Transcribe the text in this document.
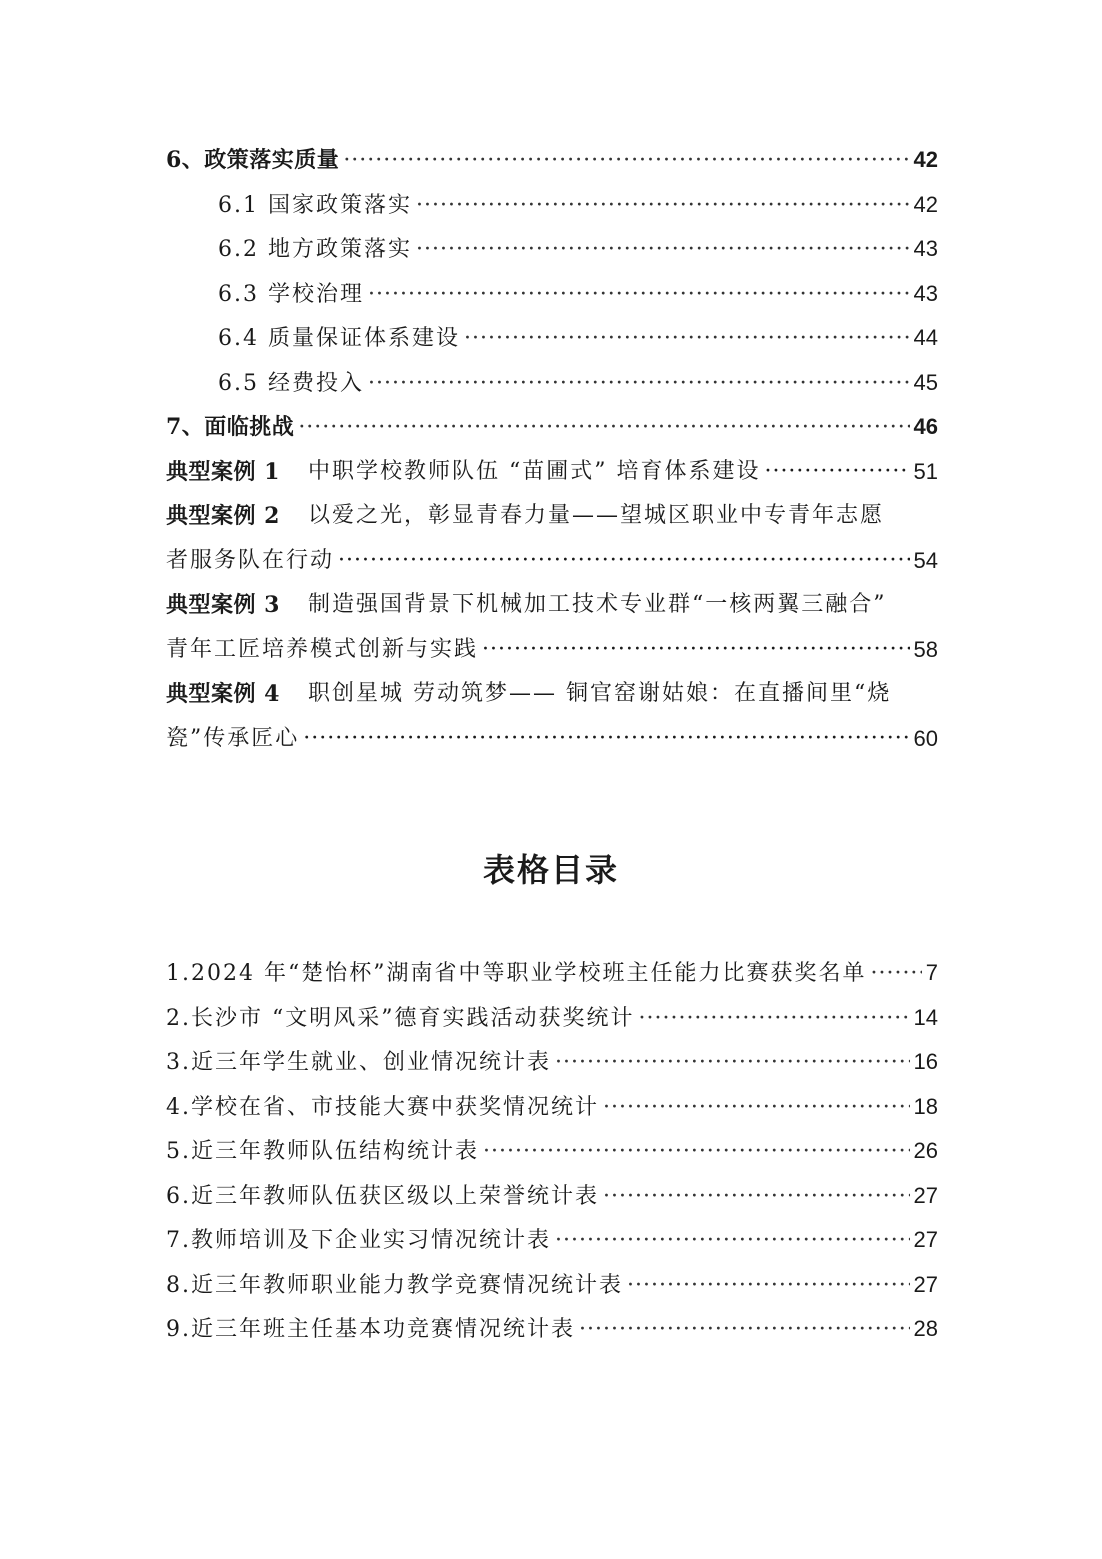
6、政策落实质量 ·····	42
6.1 国家政策落实 ·····	42
6.2 地方政策落实 ·····	43
6.3 学校治理 ·····	43
6.4 质量保证体系建设 ·····	44
6.5 经费投入 ·····	45
7、面临挑战 ·····	46
典型案例 1 中职学校教师队伍 “苗圃式” 培育体系建设 ·····	51
典型案例 2 以爱之光，彰显青春力量——望城区职业中专青年志愿
者服务队在行动 ·····	54
典型案例 3 制造强国背景下机械加工技术专业群“一核两翼三融合”
青年工匠培养模式创新与实践 ·····	58
典型案例 4 职创星城 劳动筑梦—— 铜官窑谢姑娘：在直播间里“烧
瓷”传承匠心 ·····	60
表格目录
1.2024 年“楚怡杯”湖南省中等职业学校班主任能力比赛获奖名单 ·····	7
2.长沙市 “文明风采”德育实践活动获奖统计 ·····	14
3.近三年学生就业、创业情况统计表 ·····	16
4.学校在省、市技能大赛中获奖情况统计 ·····	18
5.近三年教师队伍结构统计表 ·····	26
6.近三年教师队伍获区级以上荣誉统计表 ·····	27
7.教师培训及下企业实习情况统计表 ·····	27
8.近三年教师职业能力教学竞赛情况统计表 ·····	27
9.近三年班主任基本功竞赛情况统计表 ·····	28
